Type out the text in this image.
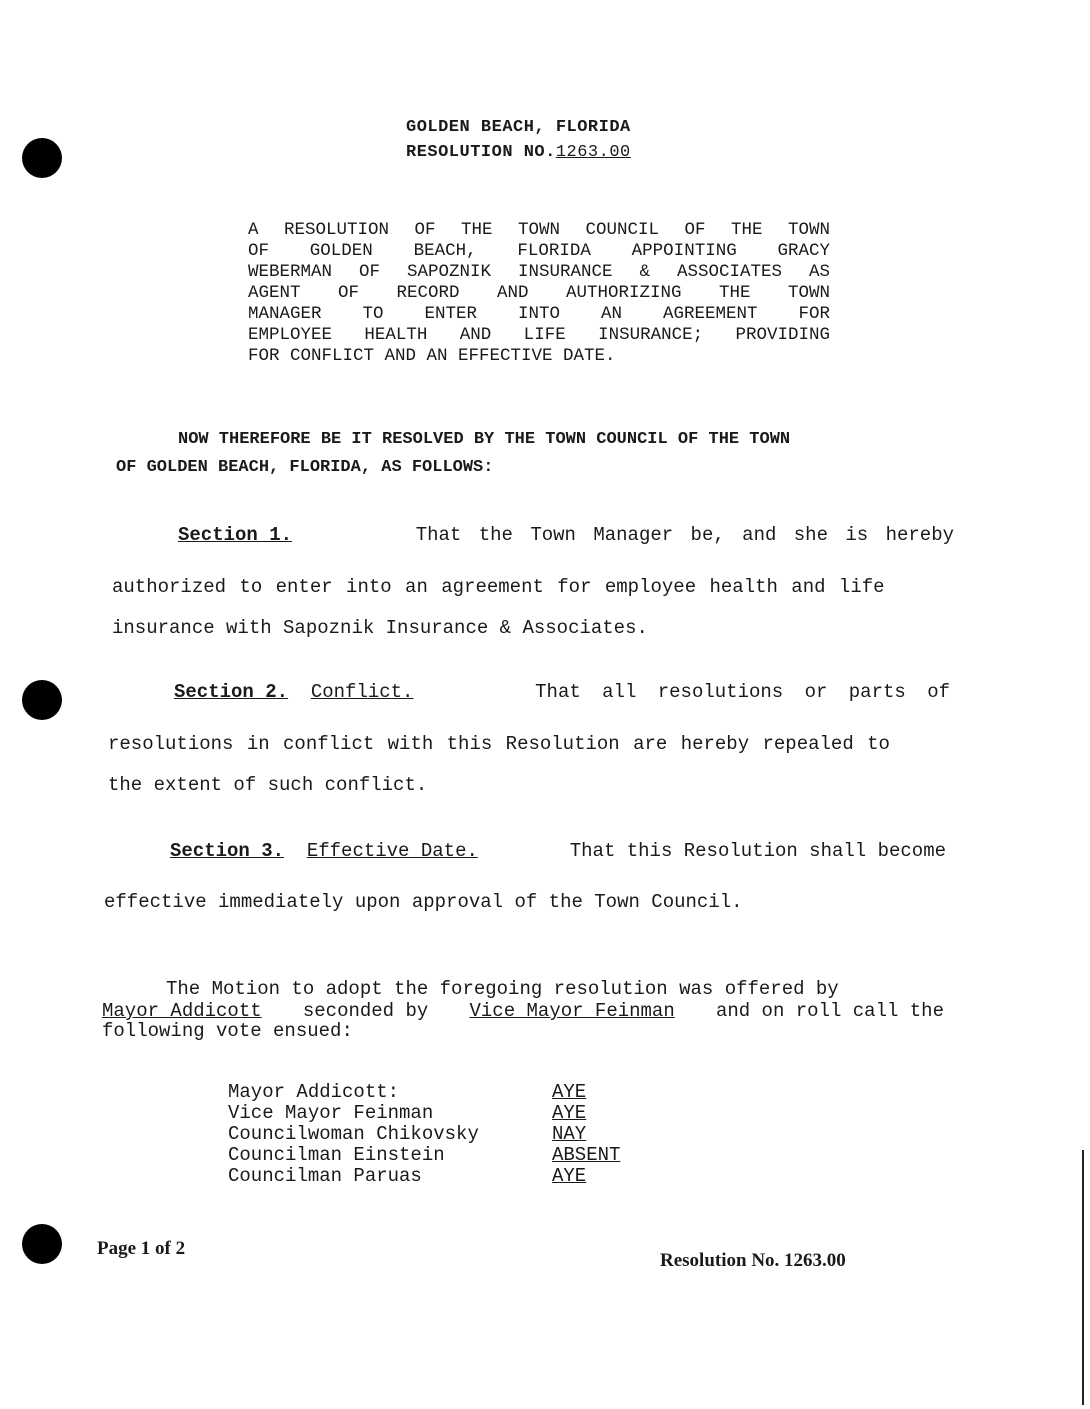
GOLDEN BEACH, FLORIDA
RESOLUTION NO.1263.00
A RESOLUTION OF THE TOWN COUNCIL OF THE TOWN
OF GOLDEN BEACH, FLORIDA APPOINTING GRACY
WEBERMAN OF SAPOZNIK INSURANCE & ASSOCIATES AS
AGENT OF RECORD AND AUTHORIZING THE TOWN
MANAGER TO ENTER INTO AN AGREEMENT FOR
EMPLOYEE HEALTH AND LIFE INSURANCE; PROVIDING
FOR CONFLICT AND AN EFFECTIVE DATE.
NOW THEREFORE BE IT RESOLVED BY THE TOWN COUNCIL OF THE TOWN
OF GOLDEN BEACH, FLORIDA, AS FOLLOWS:
Section 1.	That the Town Manager be, and she is hereby
authorized to enter into an agreement for employee health and life
insurance with Sapoznik Insurance & Associates.
Section 2. Conflict.	That all resolutions or parts of
resolutions in conflict with this Resolution are hereby repealed to
the extent of such conflict.
Section 3. Effective Date.	That this Resolution shall become
effective immediately upon approval of the Town Council.
The Motion to adopt the foregoing resolution was offered by
Mayor Addicott seconded by Vice Mayor Feinman and on roll call the
following vote ensued:
Mayor Addicott:	AYE
Vice Mayor Feinman	AYE
Councilwoman Chikovsky	NAY
Councilman Einstein	ABSENT
Councilman Paruas	AYE
Page 1 of 2
Resolution No. 1263.00
